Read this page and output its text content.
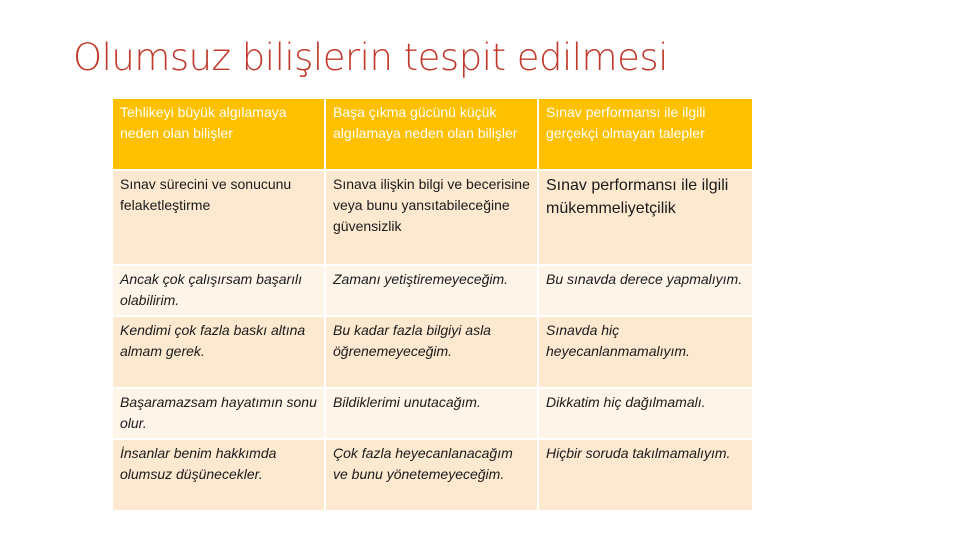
Olumsuz bilişlerin tespit edilmesi
Tehlikeyi büyük algılamaya neden olan bilişler	Başa çıkma gücünü küçük algılamaya neden olan bilişler	Sınav performansı ile ilgili gerçekçi olmayan talepler
Sınav sürecini ve sonucunu felaketleştirme	Sınava ilişkin bilgi ve becerisine veya bunu yansıtabileceğine güvensizlik	Sınav performansı ile ilgili mükemmeliyetçilik
Ancak çok çalışırsam başarılı olabilirim.	Zamanı yetiştiremeyeceğim.	Bu sınavda derece yapmalıyım.
Kendimi çok fazla baskı altına almam gerek.	Bu kadar fazla bilgiyi asla öğrenemeyeceğim.	Sınavda hiç heyecanlanmamalıyım.
Başaramazsam hayatımın sonu olur.	Bildiklerimi unutacağım.	Dikkatim hiç dağılmamalı.
İnsanlar benim hakkımda olumsuz düşünecekler.	Çok fazla heyecanlanacağım ve bunu yönetemeyeceğim.	Hiçbir soruda takılmamalıyım.
